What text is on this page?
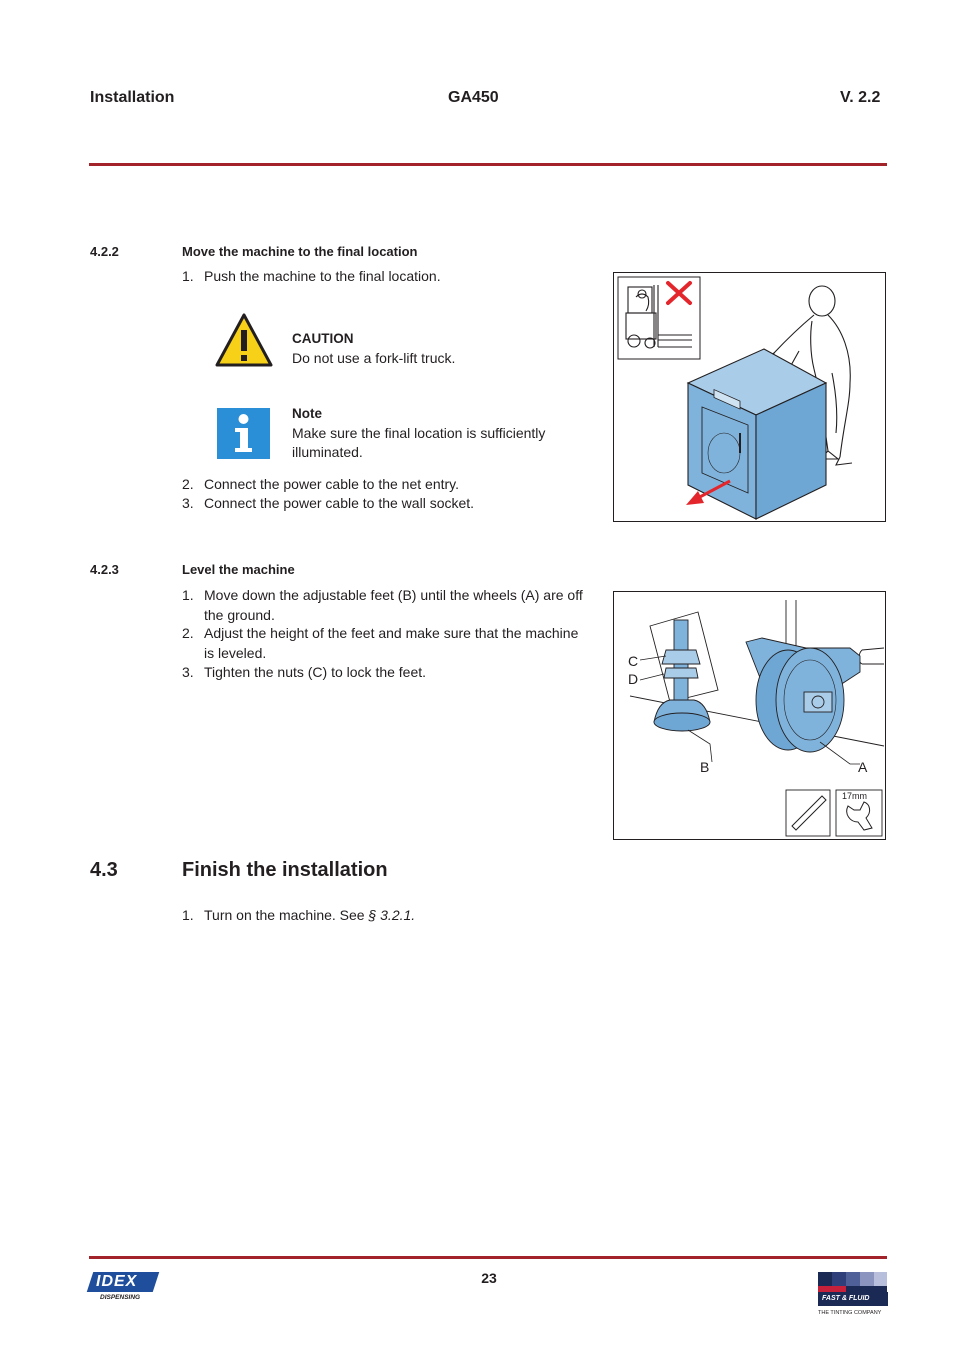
Installation	GA450	V. 2.2
4.2.2	Move the machine to the final location
1. Push the machine to the final location.
CAUTION
Do not use a fork-lift truck.
Note
Make sure the final location is sufficiently
illuminated.
2. Connect the power cable to the net entry.
3. Connect the power cable to the wall socket.
4.2.3	Level the machine
1. Move down the adjustable feet (B) until the wheels (A) are off
the ground.
2. Adjust the height of the feet and make sure that the machine
is leveled.
3. Tighten the nuts (C) to lock the feet.
C
D
B	A
17mm
4.3	Finish the installation
1. Turn on the machine. See § 3.2.1.
23
IDEX
DISPENSING	FAST & FLUID
THE TINTING COMPANY
